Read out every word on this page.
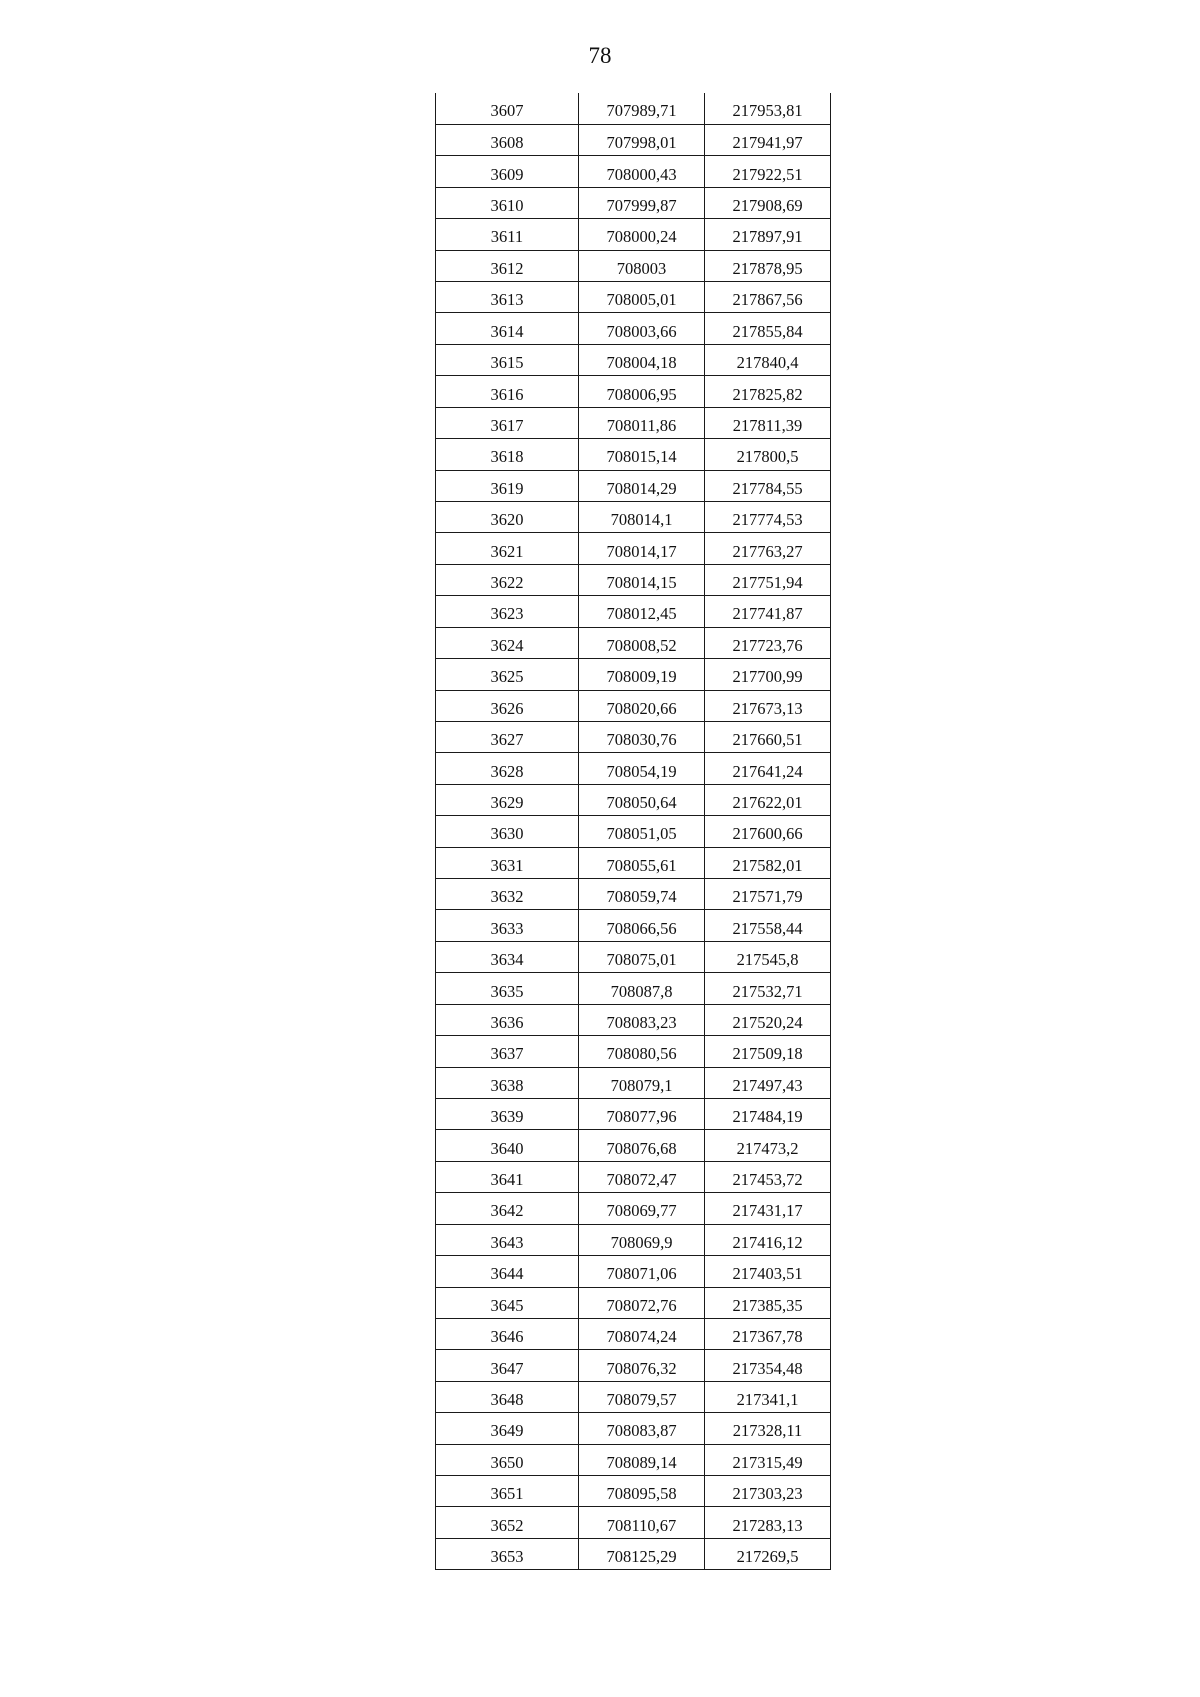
78
3607	707989,71	217953,81
3608	707998,01	217941,97
3609	708000,43	217922,51
3610	707999,87	217908,69
3611	708000,24	217897,91
3612	708003	217878,95
3613	708005,01	217867,56
3614	708003,66	217855,84
3615	708004,18	217840,4
3616	708006,95	217825,82
3617	708011,86	217811,39
3618	708015,14	217800,5
3619	708014,29	217784,55
3620	708014,1	217774,53
3621	708014,17	217763,27
3622	708014,15	217751,94
3623	708012,45	217741,87
3624	708008,52	217723,76
3625	708009,19	217700,99
3626	708020,66	217673,13
3627	708030,76	217660,51
3628	708054,19	217641,24
3629	708050,64	217622,01
3630	708051,05	217600,66
3631	708055,61	217582,01
3632	708059,74	217571,79
3633	708066,56	217558,44
3634	708075,01	217545,8
3635	708087,8	217532,71
3636	708083,23	217520,24
3637	708080,56	217509,18
3638	708079,1	217497,43
3639	708077,96	217484,19
3640	708076,68	217473,2
3641	708072,47	217453,72
3642	708069,77	217431,17
3643	708069,9	217416,12
3644	708071,06	217403,51
3645	708072,76	217385,35
3646	708074,24	217367,78
3647	708076,32	217354,48
3648	708079,57	217341,1
3649	708083,87	217328,11
3650	708089,14	217315,49
3651	708095,58	217303,23
3652	708110,67	217283,13
3653	708125,29	217269,5
